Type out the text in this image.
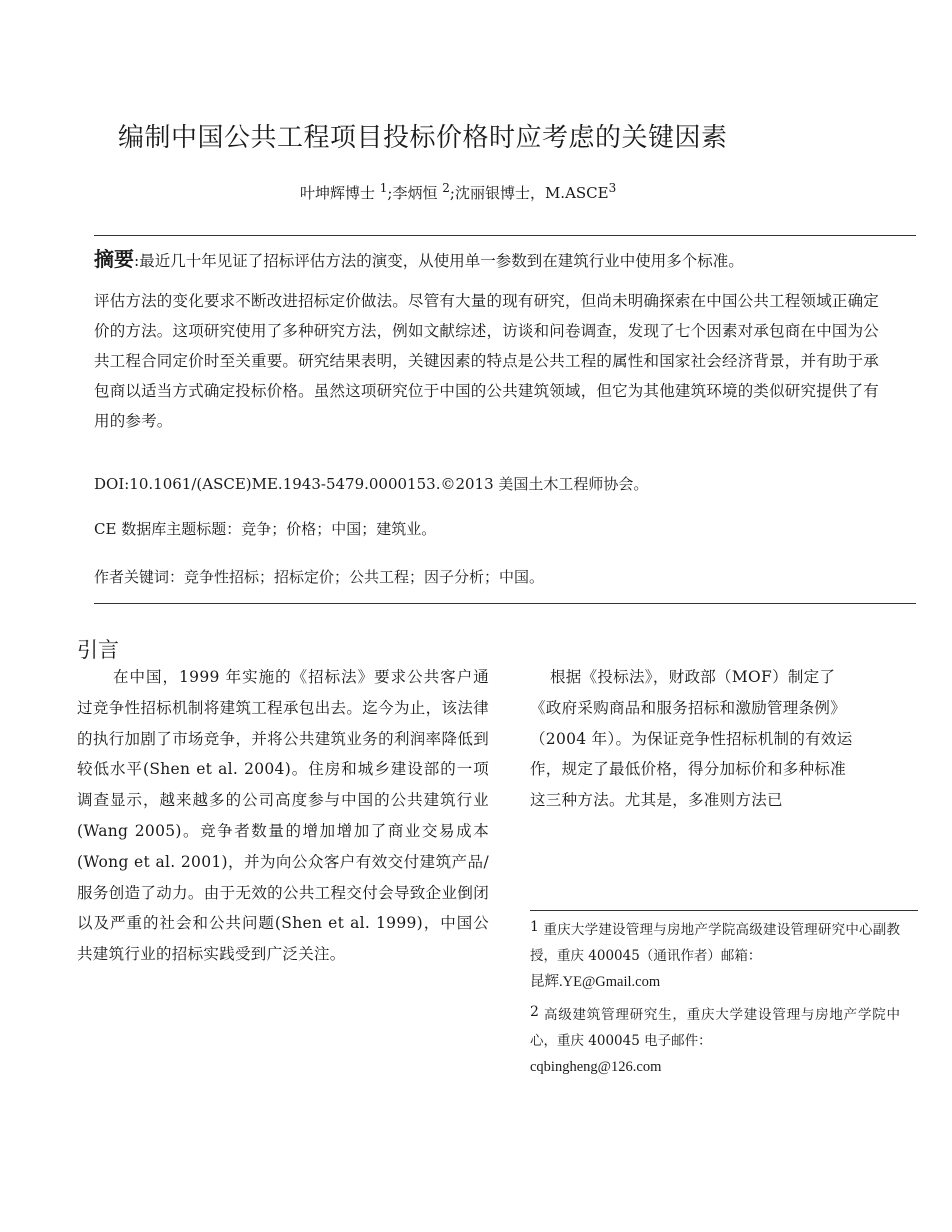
编制中国公共工程项目投标价格时应考虑的关键因素
叶坤辉博士 $^1$;李炳恒 $^2$;沈丽银博士，M.ASCE$^3$
摘要:最近几十年见证了招标评估方法的演变，从使用单一参数到在建筑行业中使用多个标准。
评估方法的变化要求不断改进招标定价做法。尽管有大量的现有研究，但尚未明确探索在中国公共工程领域正确定价的方法。这项研究使用了多种研究方法，例如文献综述，访谈和问卷调查，发现了七个因素对承包商在中国为公共工程合同定价时至关重要。研究结果表明，关键因素的特点是公共工程的属性和国家社会经济背景，并有助于承包商以适当方式确定投标价格。虽然这项研究位于中国的公共建筑领域，但它为其他建筑环境的类似研究提供了有用的参考。
DOI:10.1061/(ASCE)ME.1943-5479.0000153.©2013 美国土木工程师协会。
CE 数据库主题标题：竞争；价格；中国；建筑业。
作者关键词：竞争性招标；招标定价；公共工程；因子分析；中国。
引言
在中国，1999 年实施的《招标法》要求公共客户通过竞争性招标机制将建筑工程承包出去。迄今为止，该法律的执行加剧了市场竞争，并将公共建筑业务的利润率降低到较低水平(Shen et al. 2004)。住房和城乡建设部的一项调查显示，越来越多的公司高度参与中国的公共建筑行业(Wang 2005)。竞争者数量的增加增加了商业交易成本(Wong et al. 2001)，并为向公众客户有效交付建筑产品/服务创造了动力。由于无效的公共工程交付会导致企业倒闭以及严重的社会和公共问题(Shen et al. 1999)，中国公共建筑行业的招标实践受到广泛关注。
根据《投标法》，财政部（MOF）制定了《政府采购商品和服务招标和激励管理条例》（2004 年）。为保证竞争性招标机制的有效运作，规定了最低价格，得分加标价和多种标准这三种方法。尤其是，多准则方法已

$^1$ 重庆大学建设管理与房地产学院高级建设管理研究中心副教授，重庆 400045（通讯作者）邮箱：
昆辉.YE@Gmail.com

$^2$ 高级建筑管理研究生，重庆大学建设管理与房地产学院中心，重庆 400045 电子邮件：
cqbingheng@126.com
